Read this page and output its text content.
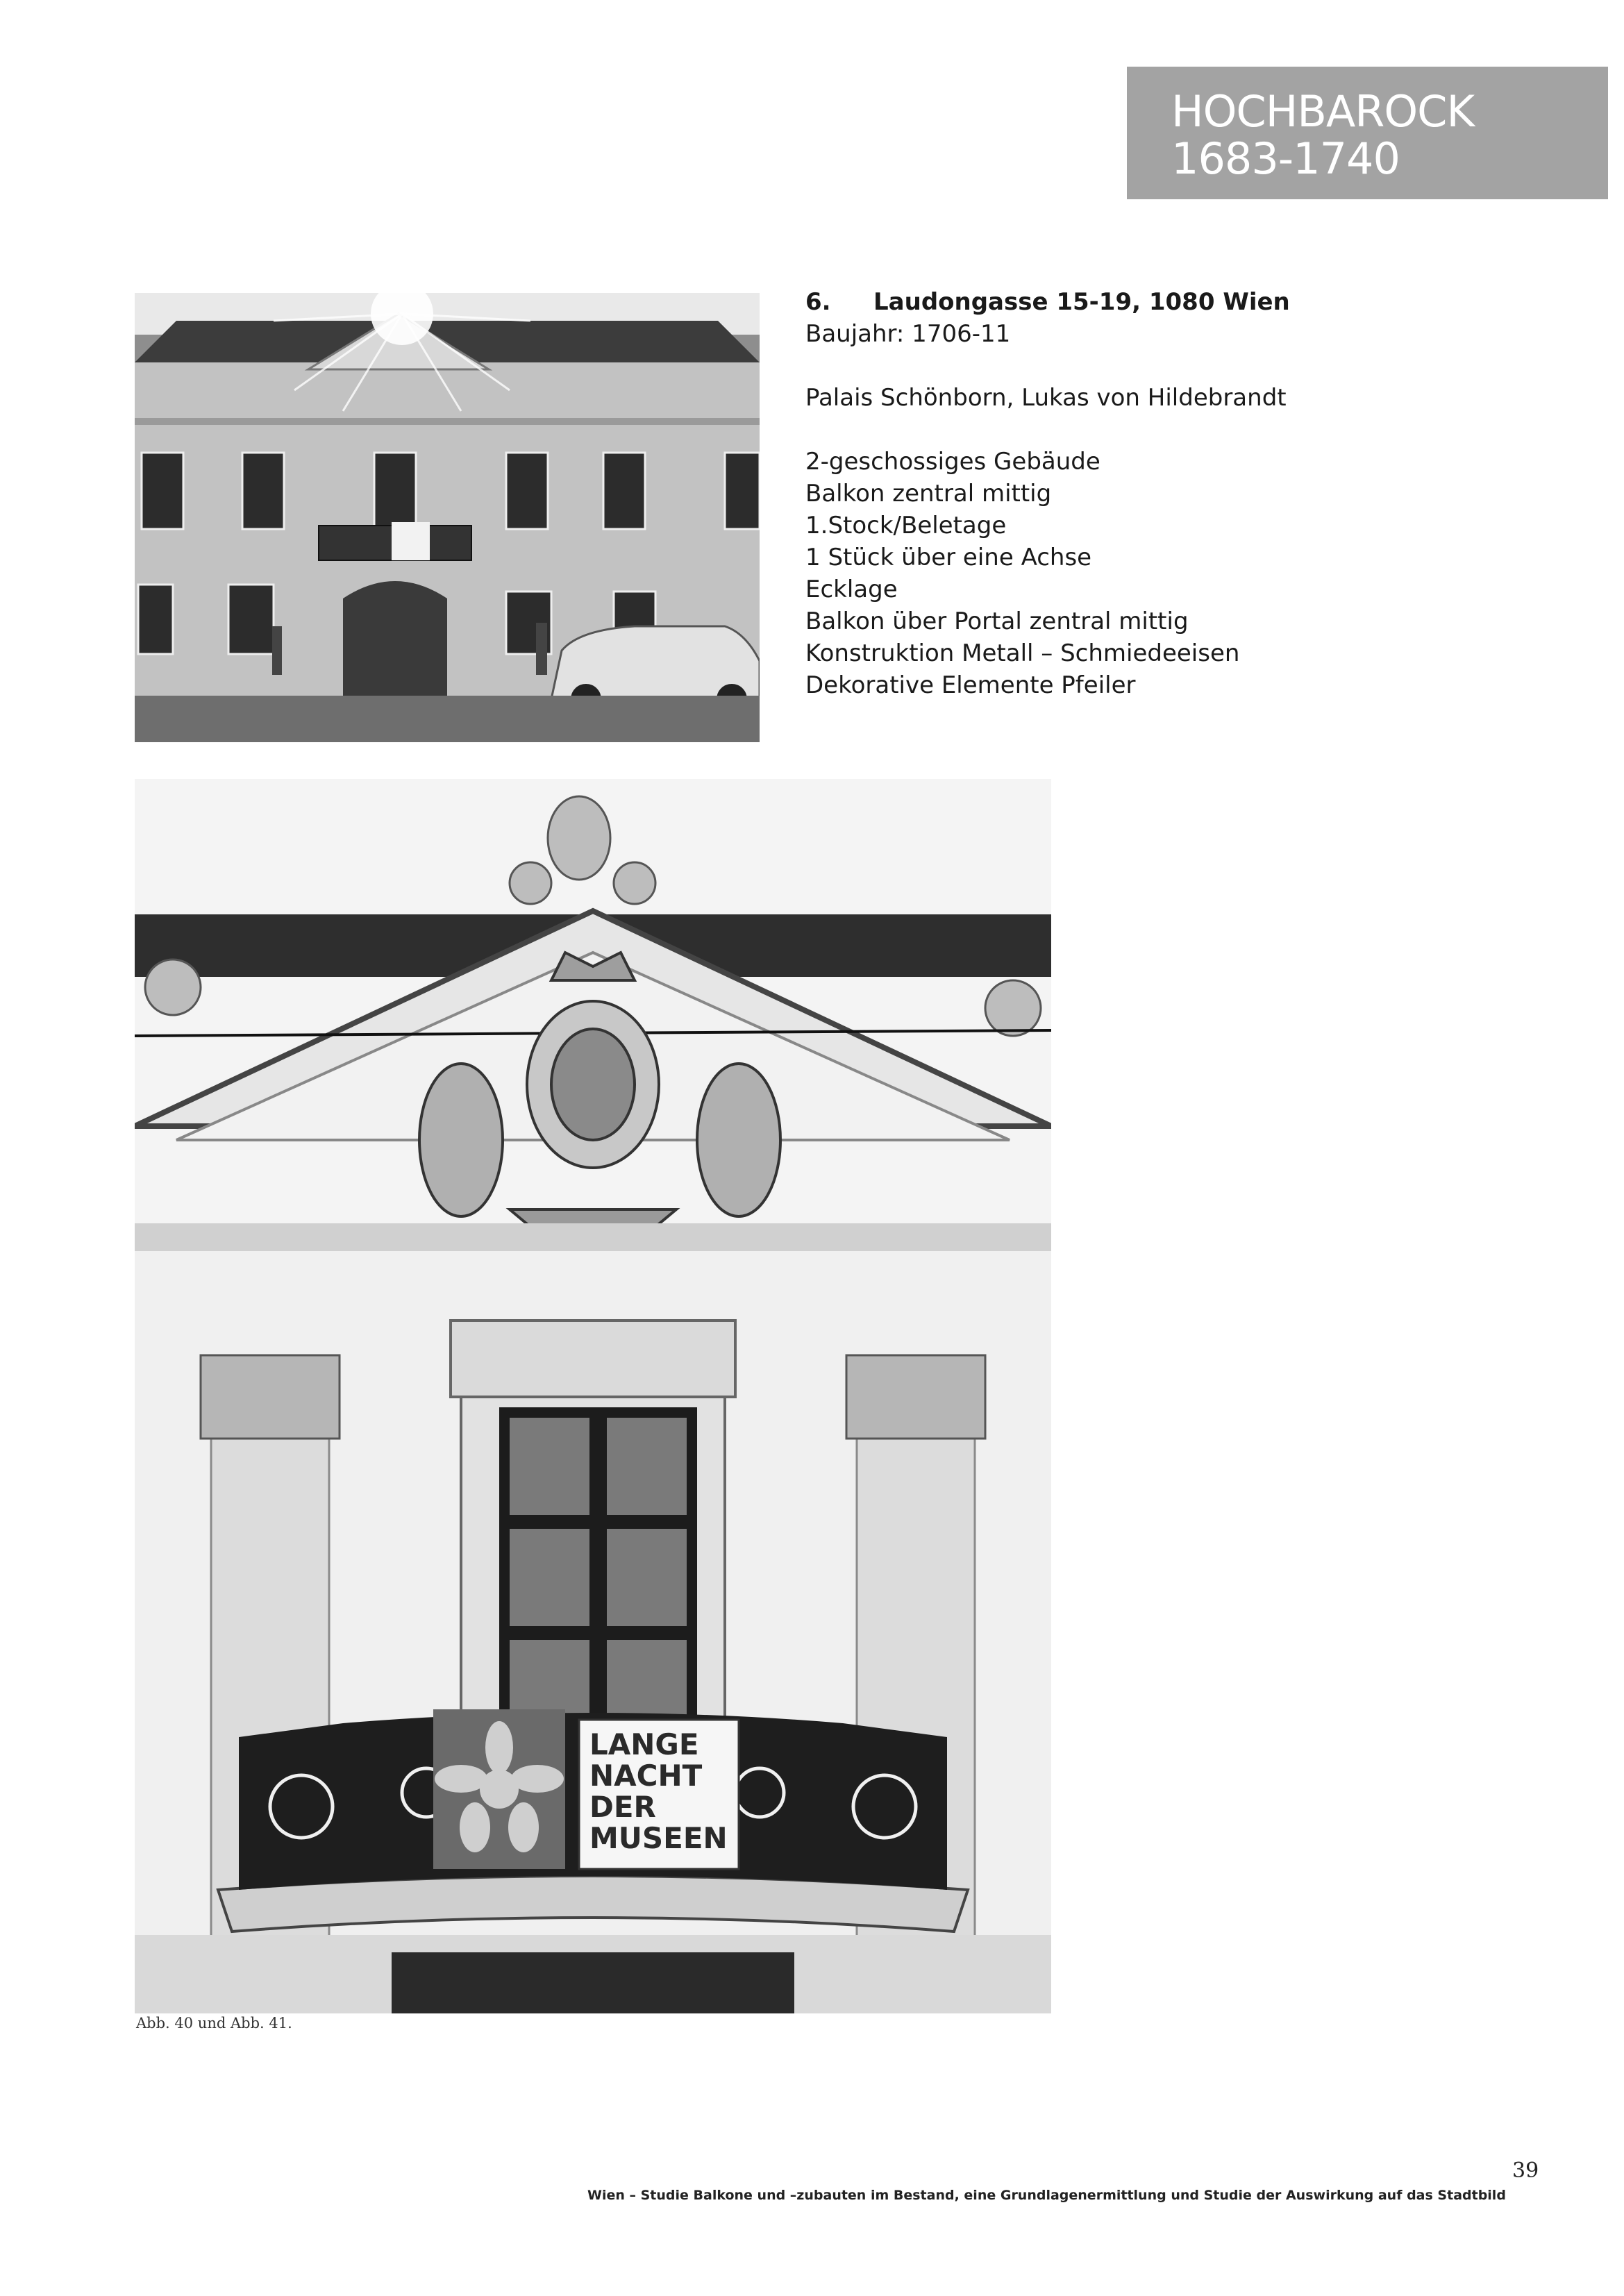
HOCHBAROCK
1683-1740
6. Laudongasse 15-19, 1080 Wien
Baujahr: 1706-11
Palais Schönborn, Lukas von Hildebrandt
2-geschossiges Gebäude
Balkon zentral mittig
1.Stock/Beletage
1 Stück über eine Achse
Ecklage
Balkon über Portal zentral mittig
Konstruktion Metall – Schmiedeeisen
Dekorative Elemente Pfeiler
LANGE
NACHT
DER
MUSEEN
Abb. 40 und Abb. 41.
39
Wien – Studie Balkone und –zubauten im Bestand, eine Grundlagenermittlung und Studie der Auswirkung auf das Stadtbild
